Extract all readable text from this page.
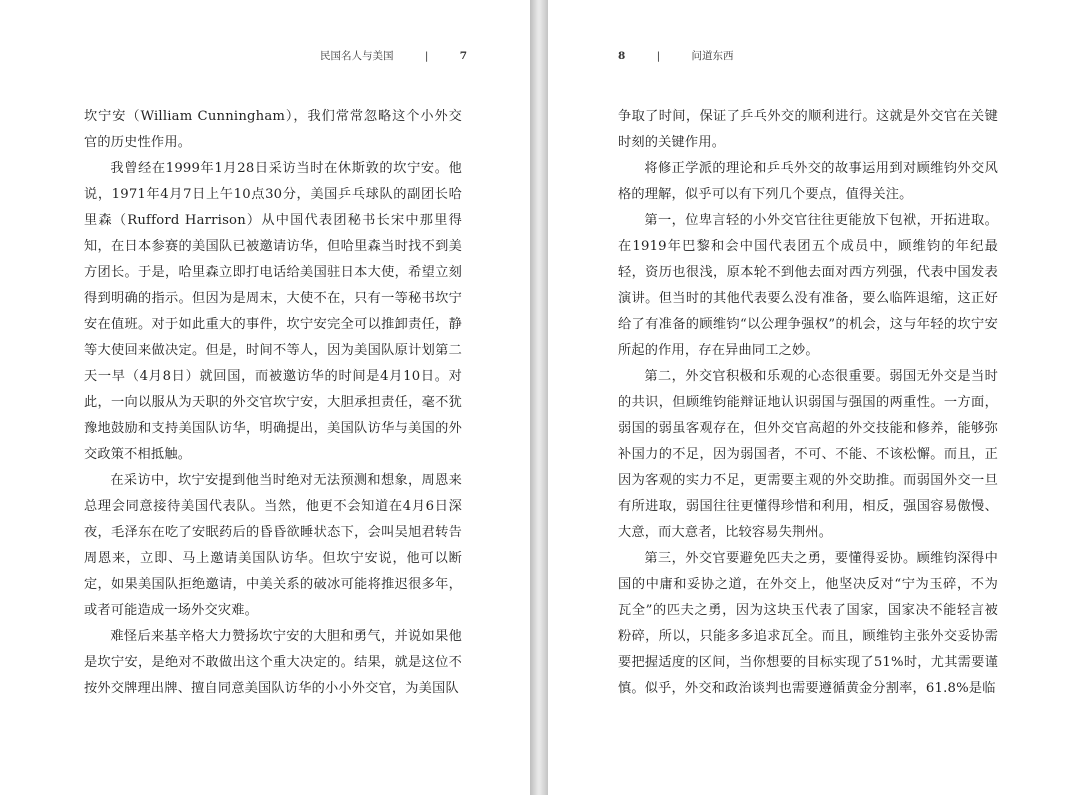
民国名人与美国	|	7

坎宁安（William Cunningham），我们常常忽略这个小外交官的历史性作用。

我曾经在1999年1月28日采访当时在休斯敦的坎宁安。他说，1971年4月7日上午10点30分，美国乒乓球队的副团长哈里森（Rufford Harrison）从中国代表团秘书长宋中那里得知，在日本参赛的美国队已被邀请访华，但哈里森当时找不到美方团长。于是，哈里森立即打电话给美国驻日本大使，希望立刻得到明确的指示。但因为是周末，大使不在，只有一等秘书坎宁安在值班。对于如此重大的事件，坎宁安完全可以推卸责任，静等大使回来做决定。但是，时间不等人，因为美国队原计划第二天一早（4月8日）就回国，而被邀访华的时间是4月10日。对此，一向以服从为天职的外交官坎宁安，大胆承担责任，毫不犹豫地鼓励和支持美国队访华，明确提出，美国队访华与美国的外交政策不相抵触。

在采访中，坎宁安提到他当时绝对无法预测和想象，周恩来总理会同意接待美国代表队。当然，他更不会知道在4月6日深夜，毛泽东在吃了安眠药后的昏昏欲睡状态下，会叫吴旭君转告周恩来，立即、马上邀请美国队访华。但坎宁安说，他可以断定，如果美国队拒绝邀请，中美关系的破冰可能将推迟很多年，或者可能造成一场外交灾难。

难怪后来基辛格大力赞扬坎宁安的大胆和勇气，并说如果他是坎宁安，是绝对不敢做出这个重大决定的。结果，就是这位不按外交牌理出牌、擅自同意美国队访华的小小外交官，为美国队

8	|	问道东西

争取了时间，保证了乒乓外交的顺利进行。这就是外交官在关键时刻的关键作用。

将修正学派的理论和乒乓外交的故事运用到对顾维钧外交风格的理解，似乎可以有下列几个要点，值得关注。

第一，位卑言轻的小外交官往往更能放下包袱，开拓进取。在1919年巴黎和会中国代表团五个成员中，顾维钧的年纪最轻，资历也很浅，原本轮不到他去面对西方列强，代表中国发表演讲。但当时的其他代表要么没有准备，要么临阵退缩，这正好给了有准备的顾维钧“以公理争强权”的机会，这与年轻的坎宁安所起的作用，存在异曲同工之妙。

第二，外交官积极和乐观的心态很重要。弱国无外交是当时的共识，但顾维钧能辩证地认识弱国与强国的两重性。一方面，弱国的弱虽客观存在，但外交官高超的外交技能和修养，能够弥补国力的不足，因为弱国者，不可、不能、不该松懈。而且，正因为客观的实力不足，更需要主观的外交助推。而弱国外交一旦有所进取，弱国往往更懂得珍惜和利用，相反，强国容易傲慢、大意，而大意者，比较容易失荆州。

第三，外交官要避免匹夫之勇，要懂得妥协。顾维钧深得中国的中庸和妥协之道，在外交上，他坚决反对“宁为玉碎，不为瓦全”的匹夫之勇，因为这块玉代表了国家，国家决不能轻言被粉碎，所以，只能多多追求瓦全。而且，顾维钧主张外交妥协需要把握适度的区间，当你想要的目标实现了51%时，尤其需要谨慎。似乎，外交和政治谈判也需要遵循黄金分割率，61.8%是临
